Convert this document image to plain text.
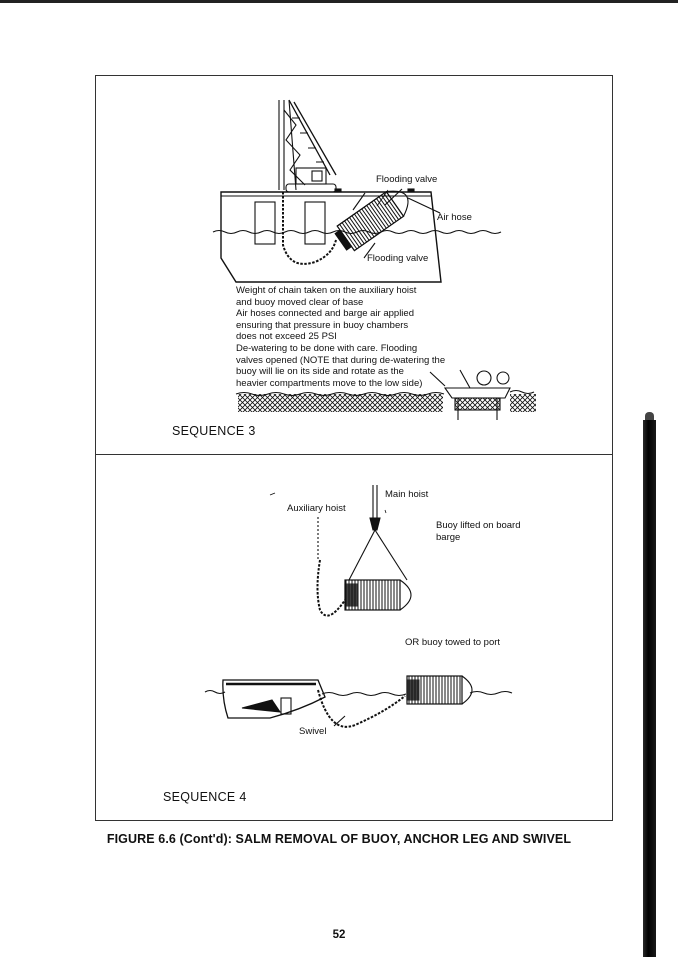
Flooding valve
Air hose
Flooding valve
Weight of chain taken on the auxiliary hoist
and buoy moved clear of base
Air hoses connected and barge air applied
ensuring that pressure in buoy chambers
does not exceed 25 PSI
De-watering to be done with care. Flooding
valves opened (NOTE that during de-watering the
buoy will lie on its side and rotate as the
heavier compartments move to the low side)
SEQUENCE 3
Main hoist
Auxiliary hoist
Buoy lifted on board
barge
OR buoy towed to port
Swivel
SEQUENCE 4
FIGURE 6.6 (Cont'd): SALM REMOVAL OF BUOY, ANCHOR LEG AND SWIVEL
52
